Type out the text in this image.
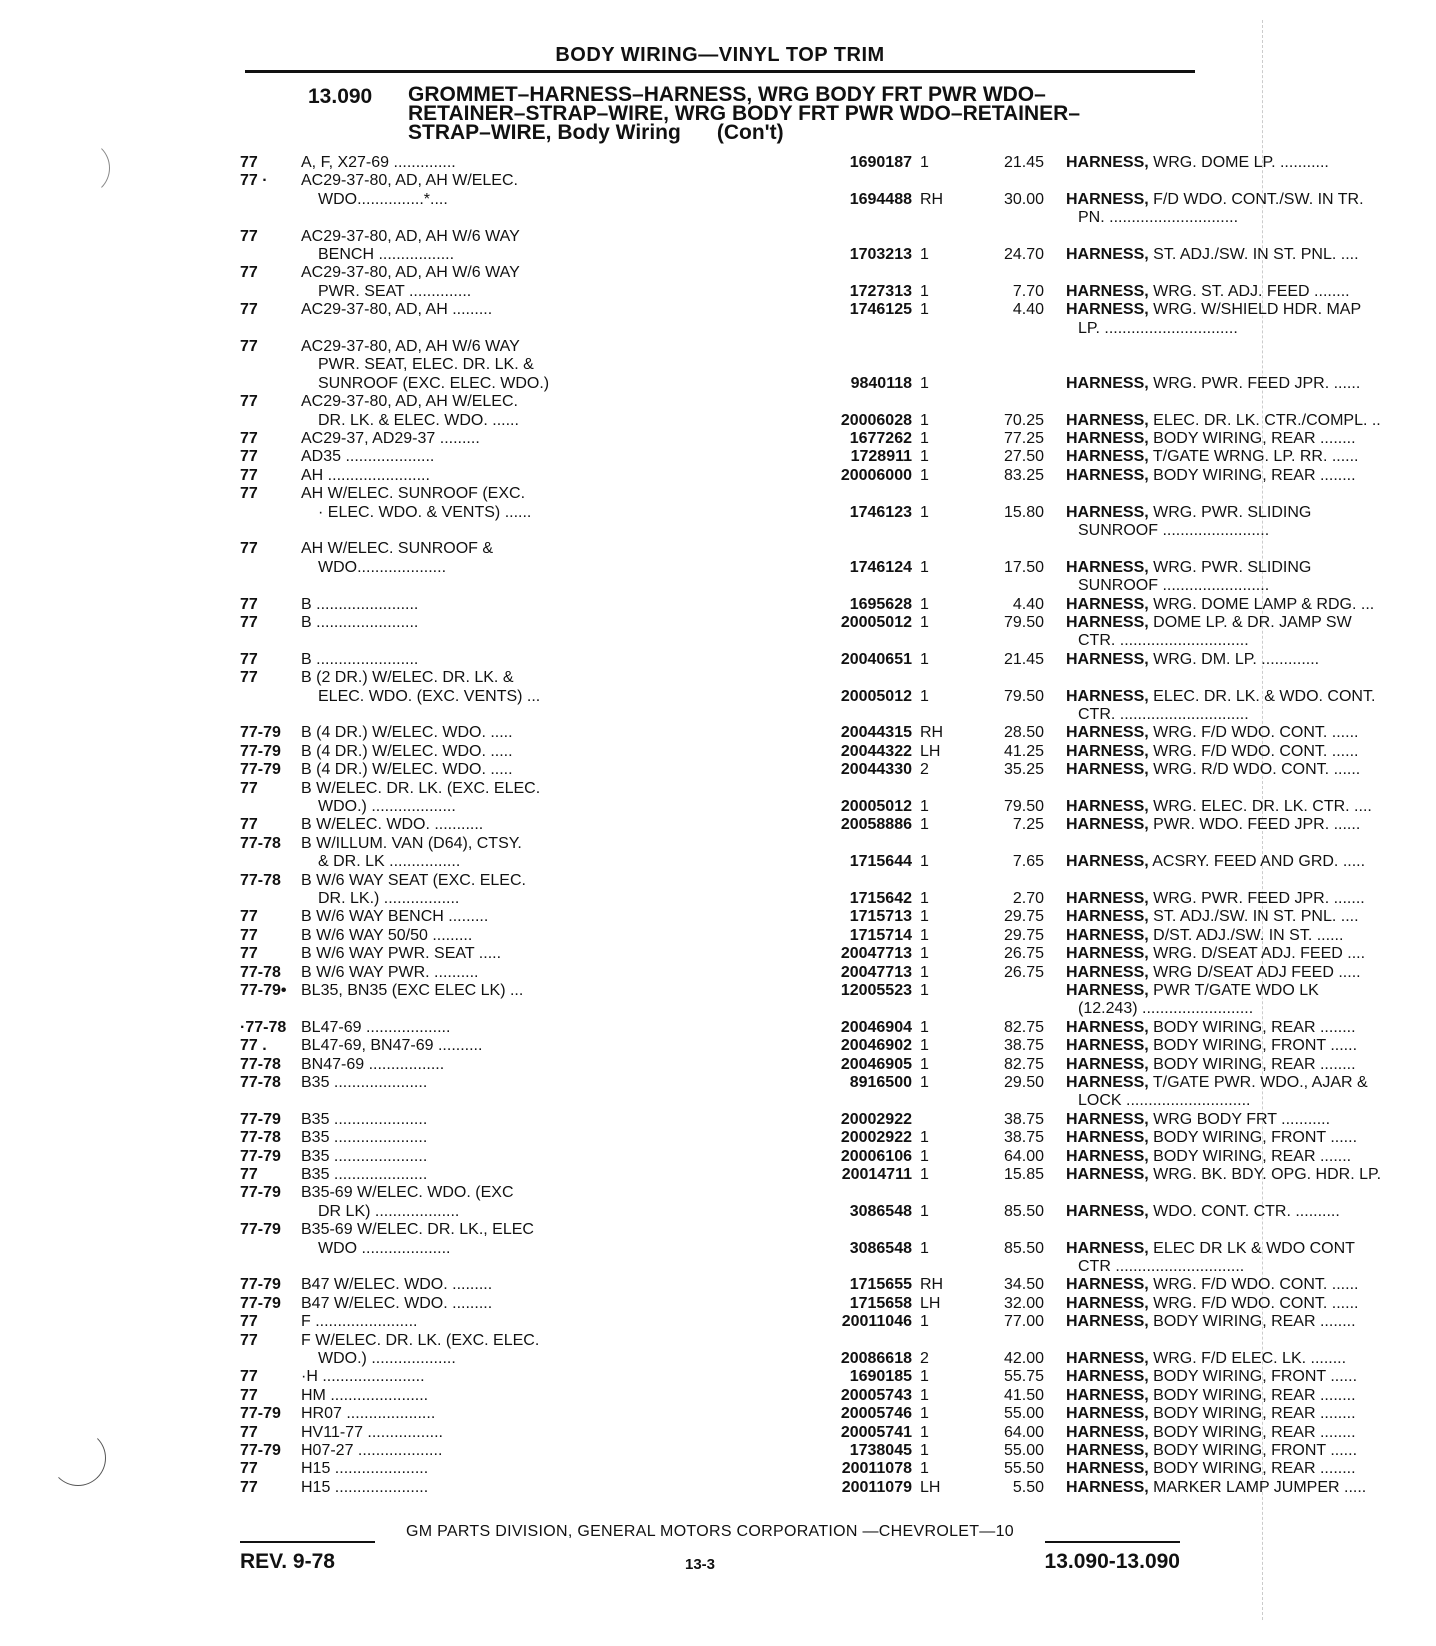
BODY WIRING—VINYL TOP TRIM
13.090 GROMMET–HARNESS–HARNESS, WRG BODY FRT PWR WDO–
RETAINER–STRAP–WIRE, WRG BODY FRT PWR WDO–RETAINER–
STRAP–WIRE, Body Wiring (Con't)
77	A, F, X27-69 ..............	1690187 1	21.45 HARNESS, WRG. DOME LP. ...........
77 · AC29-37-80, AD, AH W/ELEC.
WDO...............*....	1694488 RH	30.00 HARNESS, F/D WDO. CONT./SW. IN TR.
PN. .............................
77	AC29-37-80, AD, AH W/6 WAY
BENCH .................	1703213 1	24.70 HARNESS, ST. ADJ./SW. IN ST. PNL. ....
77	AC29-37-80, AD, AH W/6 WAY
PWR. SEAT ..............	1727313 1	7.70 HARNESS, WRG. ST. ADJ. FEED ........
77	AC29-37-80, AD, AH .........	1746125 1	4.40 HARNESS, WRG. W/SHIELD HDR. MAP
LP. ..............................
77	AC29-37-80, AD, AH W/6 WAY
PWR. SEAT, ELEC. DR. LK. &
SUNROOF (EXC. ELEC. WDO.)	9840118 1	HARNESS, WRG. PWR. FEED JPR. ......
77	AC29-37-80, AD, AH W/ELEC.
DR. LK. & ELEC. WDO. ......	20006028 1	70.25 HARNESS, ELEC. DR. LK. CTR./COMPL. ..
77	AC29-37, AD29-37 .........	1677262 1	77.25 HARNESS, BODY WIRING, REAR ........
77	AD35 ....................	1728911 1	27.50 HARNESS, T/GATE WRNG. LP. RR. ......
77	AH .......................	20006000 1	83.25 HARNESS, BODY WIRING, REAR ........
77	AH W/ELEC. SUNROOF (EXC.
· ELEC. WDO. & VENTS) ......	1746123 1	15.80 HARNESS, WRG. PWR. SLIDING
SUNROOF ........................
77	AH W/ELEC. SUNROOF &
WDO....................	1746124 1	17.50 HARNESS, WRG. PWR. SLIDING
SUNROOF ........................
77	B .......................	1695628 1	4.40 HARNESS, WRG. DOME LAMP & RDG. ...
77	B .......................	20005012 1	79.50 HARNESS, DOME LP. & DR. JAMP SW
CTR. .............................
77	B .......................	20040651 1	21.45 HARNESS, WRG. DM. LP. .............
77	B (2 DR.) W/ELEC. DR. LK. &
ELEC. WDO. (EXC. VENTS) ...	20005012 1	79.50 HARNESS, ELEC. DR. LK. & WDO. CONT.
CTR. .............................
77-79 B (4 DR.) W/ELEC. WDO. .....	20044315 RH	28.50 HARNESS, WRG. F/D WDO. CONT. ......
77-79 B (4 DR.) W/ELEC. WDO. .....	20044322 LH	41.25 HARNESS, WRG. F/D WDO. CONT. ......
77-79 B (4 DR.) W/ELEC. WDO. .....	20044330 2	35.25 HARNESS, WRG. R/D WDO. CONT. ......
77	B W/ELEC. DR. LK. (EXC. ELEC.
WDO.) ...................	20005012 1	79.50 HARNESS, WRG. ELEC. DR. LK. CTR. ....
77	B W/ELEC. WDO. ...........	20058886 1	7.25 HARNESS, PWR. WDO. FEED JPR. ......
77-78 B W/ILLUM. VAN (D64), CTSY.
& DR. LK ................	1715644 1	7.65 HARNESS, ACSRY. FEED AND GRD. .....
77-78 B W/6 WAY SEAT (EXC. ELEC.
DR. LK.) .................	1715642 1	2.70 HARNESS, WRG. PWR. FEED JPR. .......
77	B W/6 WAY BENCH .........	1715713 1	29.75 HARNESS, ST. ADJ./SW. IN ST. PNL. ....
77	B W/6 WAY 50/50 .........	1715714 1	29.75 HARNESS, D/ST. ADJ./SW. IN ST. ......
77	B W/6 WAY PWR. SEAT .....	20047713 1	26.75 HARNESS, WRG. D/SEAT ADJ. FEED ....
77-78 B W/6 WAY PWR. ..........	20047713 1	26.75 HARNESS, WRG D/SEAT ADJ FEED .....
77-79• BL35, BN35 (EXC ELEC LK) ...	12005523 1	HARNESS, PWR T/GATE WDO LK
(12.243) .........................
·77-78 BL47-69 ...................	20046904 1	82.75 HARNESS, BODY WIRING, REAR ........
77 . BL47-69, BN47-69 ..........	20046902 1	38.75 HARNESS, BODY WIRING, FRONT ......
77-78 BN47-69 .................	20046905 1	82.75 HARNESS, BODY WIRING, REAR ........
77-78 B35 .....................	8916500 1	29.50 HARNESS, T/GATE PWR. WDO., AJAR &
LOCK ............................
77-79 B35 .....................	20002922	38.75 HARNESS, WRG BODY FRT ...........
77-78 B35 .....................	20002922 1	38.75 HARNESS, BODY WIRING, FRONT ......
77-79 B35 .....................	20006106 1	64.00 HARNESS, BODY WIRING, REAR .......
77	B35 .....................	20014711 1	15.85 HARNESS, WRG. BK. BDY. OPG. HDR. LP.
77-79 B35-69 W/ELEC. WDO. (EXC
DR LK) ...................	3086548 1	85.50 HARNESS, WDO. CONT. CTR. ..........
77-79 B35-69 W/ELEC. DR. LK., ELEC
WDO ....................	3086548 1	85.50 HARNESS, ELEC DR LK & WDO CONT
CTR .............................
77-79 B47 W/ELEC. WDO. .........	1715655 RH	34.50 HARNESS, WRG. F/D WDO. CONT. ......
77-79 B47 W/ELEC. WDO. .........	1715658 LH	32.00 HARNESS, WRG. F/D WDO. CONT. ......
77	F .......................	20011046 1	77.00 HARNESS, BODY WIRING, REAR ........
77	F W/ELEC. DR. LK. (EXC. ELEC.
WDO.) ...................	20086618 2	42.00 HARNESS, WRG. F/D ELEC. LK. ........
77	·H .......................	1690185 1	55.75 HARNESS, BODY WIRING, FRONT ......
77	HM ......................	20005743 1	41.50 HARNESS, BODY WIRING, REAR ........
77-79 HR07 ....................	20005746 1	55.00 HARNESS, BODY WIRING, REAR ........
77	HV11-77 .................	20005741 1	64.00 HARNESS, BODY WIRING, REAR ........
77-79 H07-27 ...................	1738045 1	55.00 HARNESS, BODY WIRING, FRONT ......
77	H15 .....................	20011078 1	55.50 HARNESS, BODY WIRING, REAR ........
77	H15 .....................	20011079 LH	5.50 HARNESS, MARKER LAMP JUMPER .....
GM PARTS DIVISION, GENERAL MOTORS CORPORATION —CHEVROLET—10
REV. 9-78	13-3	13.090-13.090
